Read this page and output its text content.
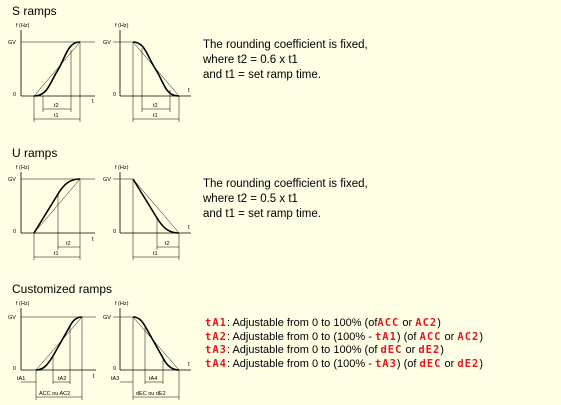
S ramps
f (Hz)
GV
0
t
t2
t1
f (Hz)
GV
0
t
t2
t1
The rounding coefficient is fixed,
where t2 = 0.6 x t1
and t1 = set ramp time.
U ramps
f (Hz)
GV
0
t
t2
t1
f (Hz)
GV
0
t
t2
t1
The rounding coefficient is fixed,
where t2 = 0.5 x t1
and t1 = set ramp time.
Customized ramps
f (Hz)
GV
0
t
tA1	tA2
ACC ou AC2
f (Hz)
GV
0
t
tA3	tA4
dEC ou dE2
tA1 : Adjustable from 0 to 100% (of ACC or AC2 )
tA2 : Adjustable from 0 to (100% - tA1 ) (of ACC or AC2 )
tA3 : Adjustable from 0 to 100% (of dEC or dE2 )
tA4 : Adjustable from 0 to (100% - tA3 ) (of dEC or dE2 )
